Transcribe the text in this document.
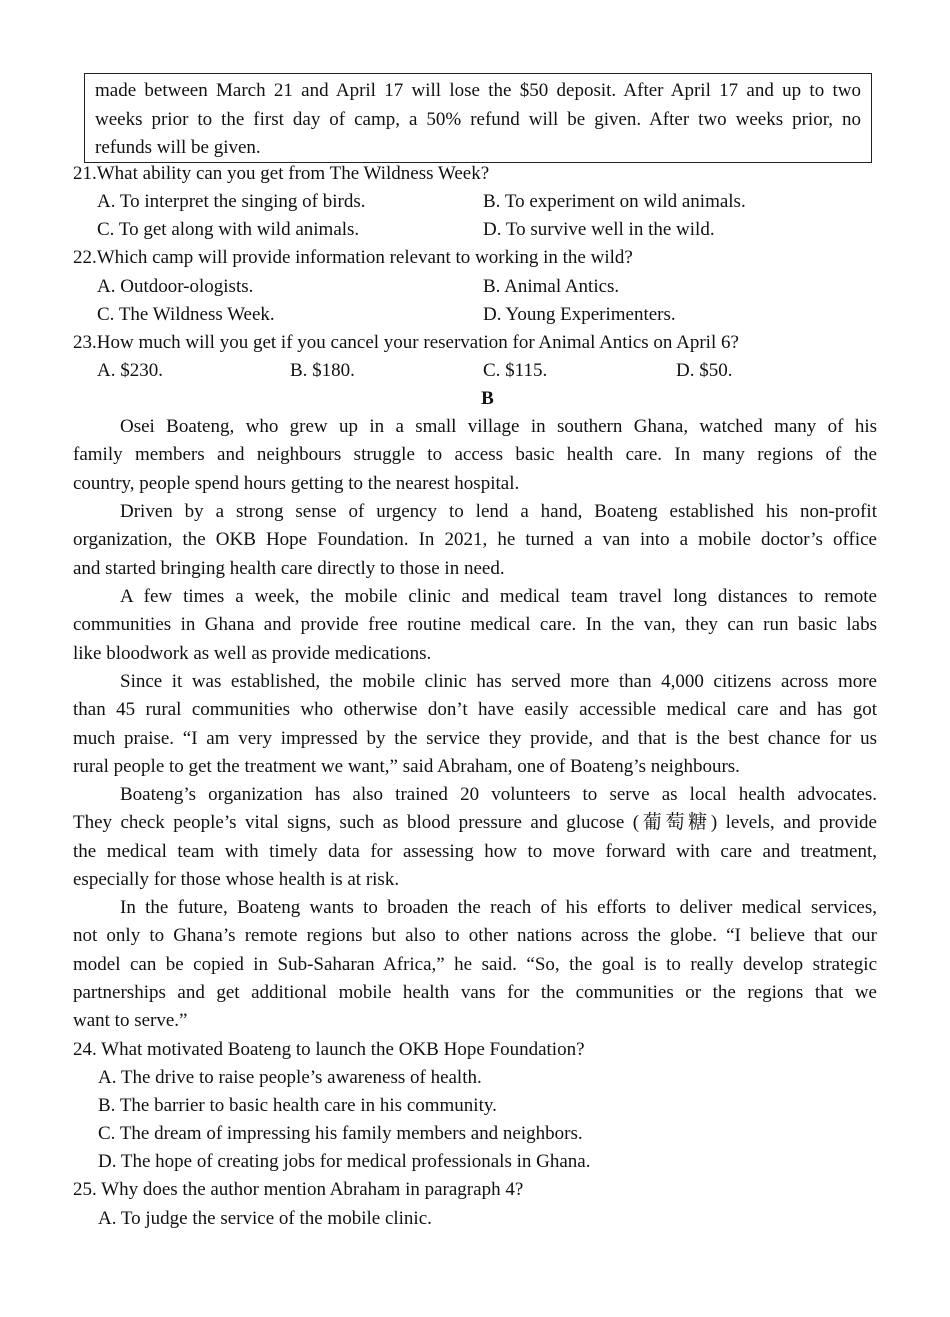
made between March 21 and April 17 will lose the $50 deposit. After April 17 and up to two
weeks prior to the first day of camp, a 50% refund will be given. After two weeks prior, no
refunds will be given.
21.What ability can you get from The Wildness Week?
A. To interpret the singing of birds.	B. To experiment on wild animals.
C. To get along with wild animals.	D. To survive well in the wild.
22.Which camp will provide information relevant to working in the wild?
A. Outdoor-ologists.	B. Animal Antics.
C. The Wildness Week.	D. Young Experimenters.
23.How much will you get if you cancel your reservation for Animal Antics on April 6?
A. $230.	B. $180.	C. $115.	D. $50.
B
Osei Boateng, who grew up in a small village in southern Ghana, watched many of his
family members and neighbours struggle to access basic health care. In many regions of the
country, people spend hours getting to the nearest hospital.
Driven by a strong sense of urgency to lend a hand, Boateng established his non-profit
organization, the OKB Hope Foundation. In 2021, he turned a van into a mobile doctor’s office
and started bringing health care directly to those in need.
A few times a week, the mobile clinic and medical team travel long distances to remote
communities in Ghana and provide free routine medical care. In the van, they can run basic labs
like bloodwork as well as provide medications.
Since it was established, the mobile clinic has served more than 4,000 citizens across more
than 45 rural communities who otherwise don’t have easily accessible medical care and has got
much praise. “I am very impressed by the service they provide, and that is the best chance for us
rural people to get the treatment we want,” said Abraham, one of Boateng’s neighbours.
Boateng’s organization has also trained 20 volunteers to serve as local health advocates.
They check people’s vital signs, such as blood pressure and glucose (葡萄糖) levels, and provide
the medical team with timely data for assessing how to move forward with care and treatment,
especially for those whose health is at risk.
In the future, Boateng wants to broaden the reach of his efforts to deliver medical services,
not only to Ghana’s remote regions but also to other nations across the globe. “I believe that our
model can be copied in Sub-Saharan Africa,” he said. “So, the goal is to really develop strategic
partnerships and get additional mobile health vans for the communities or the regions that we
want to serve.”
24. What motivated Boateng to launch the OKB Hope Foundation?
A. The drive to raise people’s awareness of health.
B. The barrier to basic health care in his community.
C. The dream of impressing his family members and neighbors.
D. The hope of creating jobs for medical professionals in Ghana.
25. Why does the author mention Abraham in paragraph 4?
A. To judge the service of the mobile clinic.
